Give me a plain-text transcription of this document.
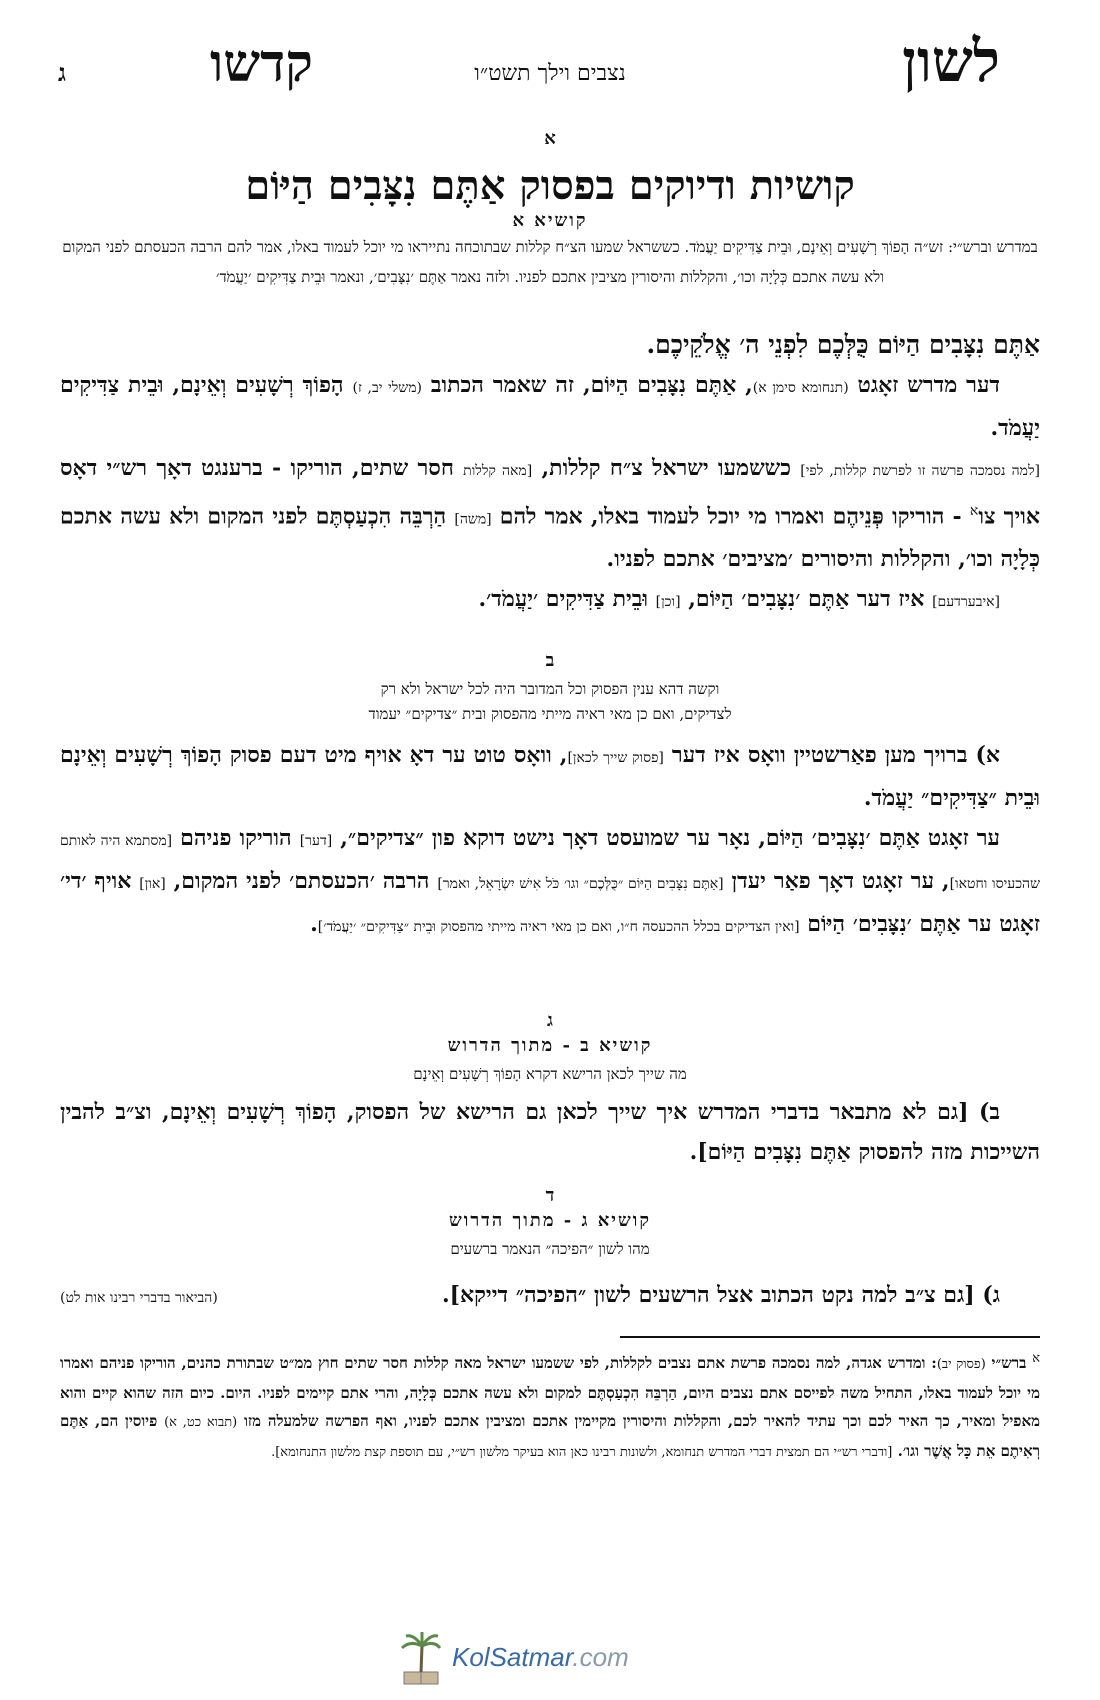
לשון
נצבים וילך תשט״ו
קדשו
ג
א
קושיות ודיוקים בפסוק אַתֶּם נִצָּבִים הַיּוֹם
קושיא א
במדרש וברש״י: זש״ה הָפוֹךְ רְשָׁעִים וְאֵינָם, וּבֵית צַדִּיקִים יַעֲמֹד. כששראל שמעו הצ״ח קללות שבתוכחה נתייראו מי יוכל לעמוד באלו, אמר להם הרבה הכעסתם לפני המקום ולא עשה אתכם כְּלָיָה וכו׳, והקללות והיסורין מציבין אתכם לפניו. ולזה נאמר אַתֶּם ׳נִצָּבִים׳, ונאמר וּבֵית צַדִּיקִים ׳יַעֲמֹד׳

אַתֶּם נִצָּבִים הַיּוֹם כֻּלְּכֶם לִפְנֵי ה׳ אֱלֹקֵיכֶם.

דער מדרש זאָגט (תנחומא סימן א), אַתֶּם נִצָּבִים הַיּוֹם, זה שאמר הכתוב (משלי יב, ז) הָפוֹךְ רְשָׁעִים וְאֵינָם, וּבֵית צַדִּיקִים יַעֲמֹד.

[למה נסמכה פרשה זו לפרשת קללות, לפי] כששמעו ישראל צ״ח קללות, [מאה קללות חסר שתים, הוריקו - ברענגט דאָך רש״י דאָס אויך צו$^א$ - הוריקו פְּנֵיהֶם ואמרו מי יוכל לעמוד באלו, אמר להם [משה] הַרְבֵּה הִכְעַסְתֶּם לפני המקום ולא עשה אתכם כְּלָיָה וכו׳, והקללות והיסורים ׳מציבים׳ אתכם לפניו.

[איבערדעם] איז דער אַתֶּם ׳נִצָּבִים׳ הַיּוֹם, [וכן] וּבֵית צַדִּיקִים ׳יַעֲמֹד׳.

ב
וקשה דהא ענין הפסוק וכל המדובר היה לכל ישראל ולא רק
לצדיקים, ואם כן מאי ראיה מייתי מהפסוק ובית ״צדיקים״ יעמוד

א) ברויך מען פאַרשטיין וואָס איז דער [פסוק שייך לכאן], וואָס טוט ער דאָ אויף מיט דעם פסוק הָפוֹךְ רְשָׁעִים וְאֵינָם וּבֵית ״צַדִּיקִים״ יַעֲמֹד.

ער זאָגט אַתֶּם ׳נִצָּבִים׳ הַיּוֹם, נאָר ער שמועסט דאָך נישט דוקא פון ״צדיקים״, [דער] הוריקו פניהם [מסתמא היה לאותם שהכעיסו וחטאו], ער זאָגט דאָך פאַר יעדן [אַתֶּם נִצָּבִים הַיּוֹם ״כֻּלְּכֶם״ וגו׳ כֹּל אִישׁ יִשְׂרָאֵל, ואמר] הרבה ׳הכעסתם׳ לפני המקום, [און] אויף ׳די׳ זאָגט ער אַתֶּם ׳נִצָּבִים׳ הַיּוֹם [ואין הצדיקים בכלל ההכעסה ח״ו, ואם כן מאי ראיה מייתי מהפסוק וּבֵית ״צַדִּיקִים״ ׳יַעֲמֹד׳].

ג
קושיא ב - מתוך הדרוש
מה שייך לכאן הרישא דקרא הָפוֹךְ רְשָׁעִים וְאֵינָם

ב) [גם לא מתבאר בדברי המדרש איך שייך לכאן גם הרישא של הפסוק, הָפוֹךְ רְשָׁעִים וְאֵינָם, וצ״ב להבין השייכות מזה להפסוק אַתֶּם נִצָּבִים הַיּוֹם].

ד
קושיא ג - מתוך הדרוש
מהו לשון ״הפיכה״ הנאמר ברשעים

ג) [גם צ״ב למה נקט הכתוב אצל הרשעים לשון ״הפיכה״ דייקא].

(הביאור בדברי רבינו אות לט)
$^א$ ברש״י (פסוק יב): ומדרש אגדה, למה נסמכה פרשת אתם נצבים לקללות, לפי ששמעו ישראל מאה קללות חסר שתים חוץ ממ״ט שבתורת כהנים, הוריקו פניהם ואמרו מי יוכל לעמוד באלו, התחיל משה לפייסם אתם נצבים היום, הַרְבֵּה הִכְעַסְתֶּם למקום ולא עשה אתכם כְּלָיָה, והרי אתם קיימים לפניו. היום. כיום הזה שהוא קיים והוא מאפיל ומאיר, כך האיר לכם וכך עתיד להאיר לכם, והקללות והיסורין מקיימין אתכם ומציבין אתכם לפניו, ואף הפרשה שלמעלה מזו (תבוא כט, א) פיוסין הם, אַתֶּם רְאִיתֶם אֵת כָּל אֲשֶׁר וגו׳. [ודברי רש״י הם תמצית דברי המדרש תנחומא, ולשונות רבינו כאן הוא בעיקר מלשון רש״י, עם תוספת קצת מלשון התנחומא].
KolSatmar.com
